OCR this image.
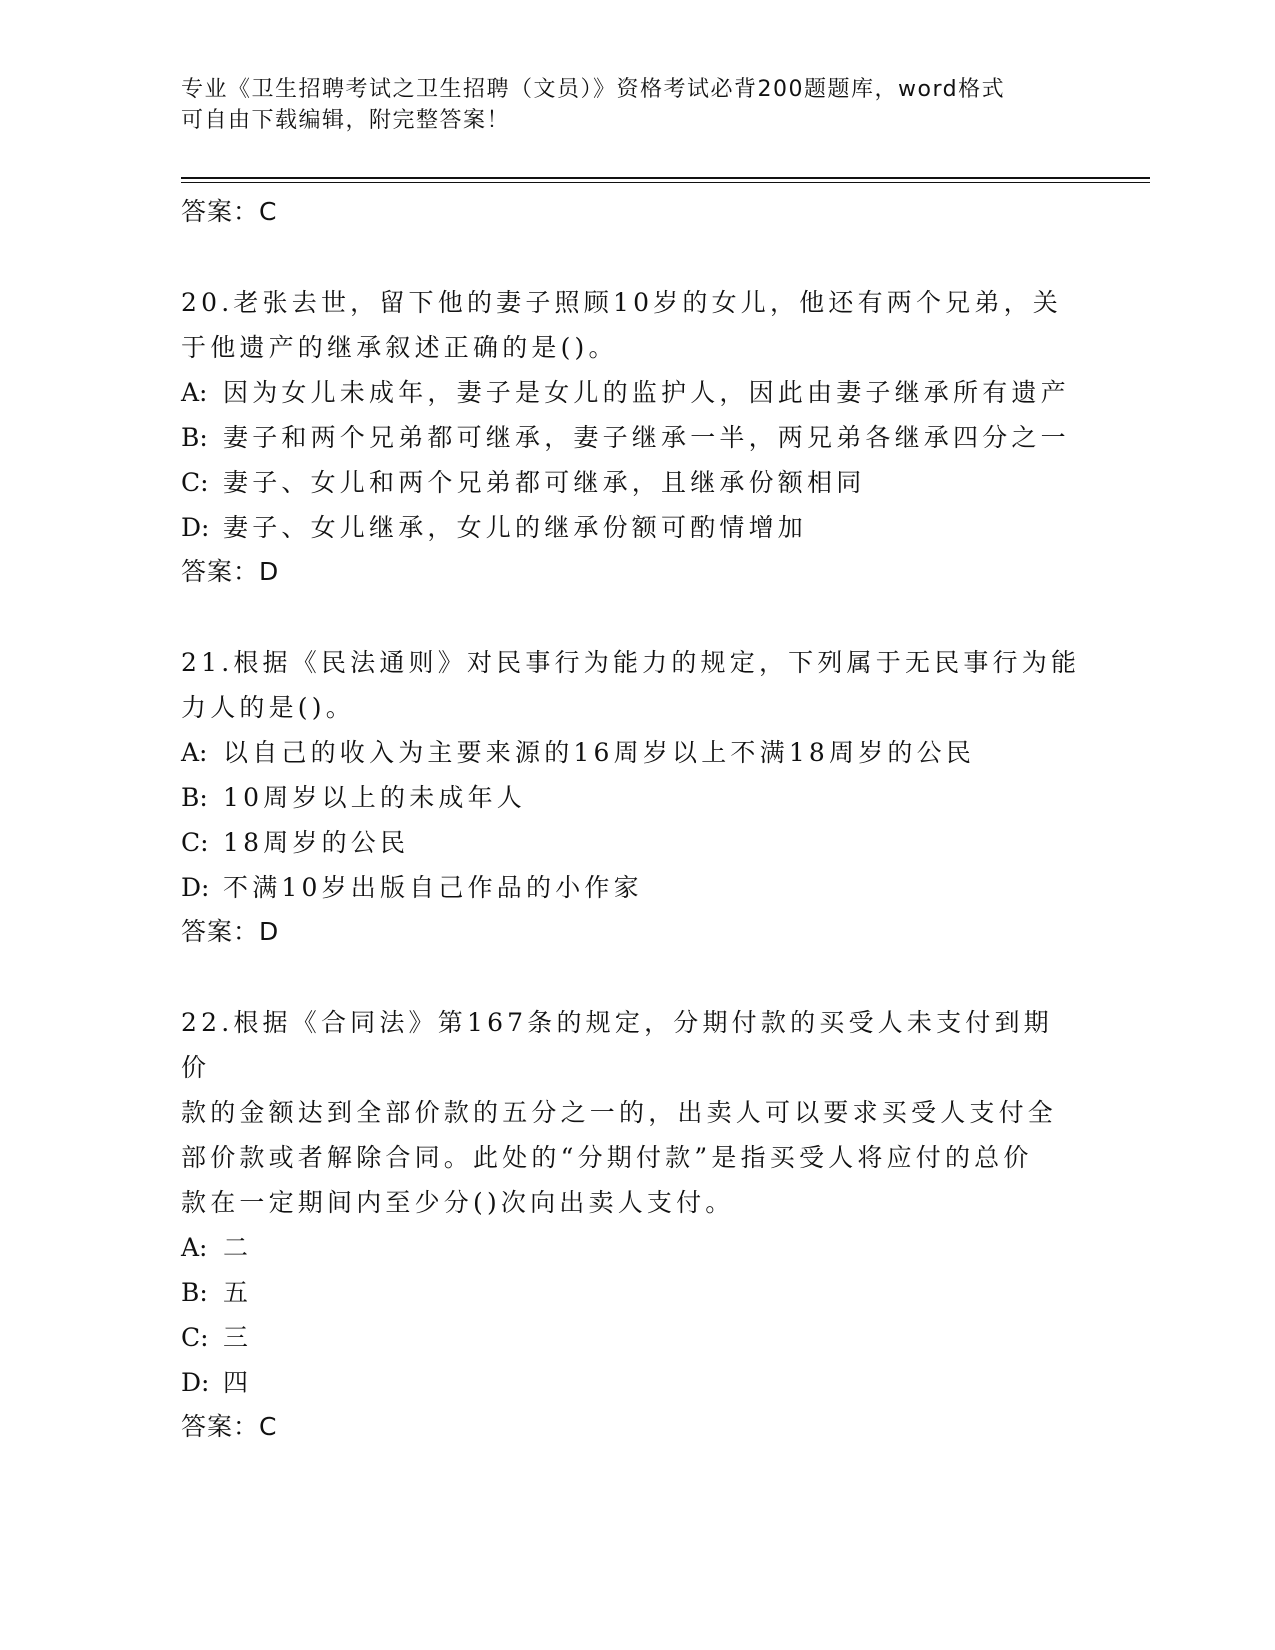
专业《卫生招聘考试之卫生招聘（文员）》资格考试必背200题题库，word格式
可自由下载编辑，附完整答案！
答案：C
20.老张去世，留下他的妻子照顾10岁的女儿，他还有两个兄弟，关
于他遗产的继承叙述正确的是()。
A: 因为女儿未成年，妻子是女儿的监护人，因此由妻子继承所有遗产
B: 妻子和两个兄弟都可继承，妻子继承一半，两兄弟各继承四分之一
C: 妻子、女儿和两个兄弟都可继承，且继承份额相同
D: 妻子、女儿继承，女儿的继承份额可酌情增加
答案：D
21.根据《民法通则》对民事行为能力的规定，下列属于无民事行为能
力人的是()。
A: 以自己的收入为主要来源的16周岁以上不满18周岁的公民
B: 10周岁以上的未成年人
C: 18周岁的公民
D: 不满10岁出版自己作品的小作家
答案：D
22.根据《合同法》第167条的规定，分期付款的买受人未支付到期价
款的金额达到全部价款的五分之一的，出卖人可以要求买受人支付全
部价款或者解除合同。此处的“分期付款”是指买受人将应付的总价
款在一定期间内至少分()次向出卖人支付。
A: 二
B: 五
C: 三
D: 四
答案：C
